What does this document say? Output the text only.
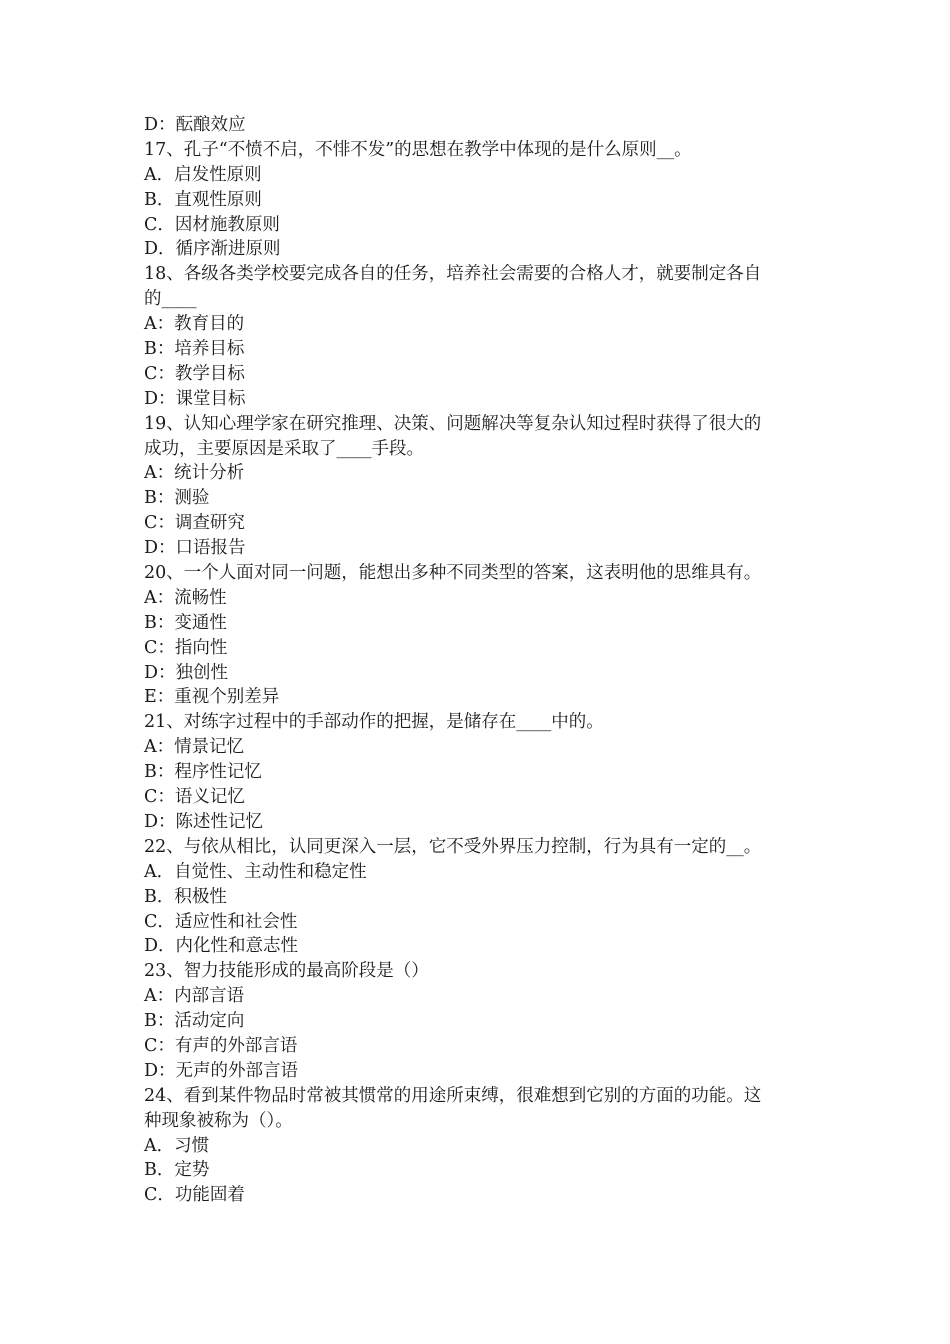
D：酝酿效应
17、孔子“不愤不启，不悱不发”的思想在教学中体现的是什么原则__。
A．启发性原则
B．直观性原则
C．因材施教原则
D．循序渐进原则
18、各级各类学校要完成各自的任务，培养社会需要的合格人才，就要制定各自
的____
A：教育目的
B：培养目标
C：教学目标
D：课堂目标
19、认知心理学家在研究推理、决策、问题解决等复杂认知过程时获得了很大的
成功，主要原因是采取了____手段。
A：统计分析
B：测验
C：调查研究
D：口语报告
20、一个人面对同一问题，能想出多种不同类型的答案，这表明他的思维具有。
A：流畅性
B：变通性
C：指向性
D：独创性
E：重视个别差异
21、对练字过程中的手部动作的把握，是储存在____中的。
A：情景记忆
B：程序性记忆
C：语义记忆
D：陈述性记忆
22、与依从相比，认同更深入一层，它不受外界压力控制，行为具有一定的__。
A．自觉性、主动性和稳定性
B．积极性
C．适应性和社会性
D．内化性和意志性
23、智力技能形成的最高阶段是（）
A：内部言语
B：活动定向
C：有声的外部言语
D：无声的外部言语
24、看到某件物品时常被其惯常的用途所束缚，很难想到它别的方面的功能。这
种现象被称为（）。
A．习惯
B．定势
C．功能固着
